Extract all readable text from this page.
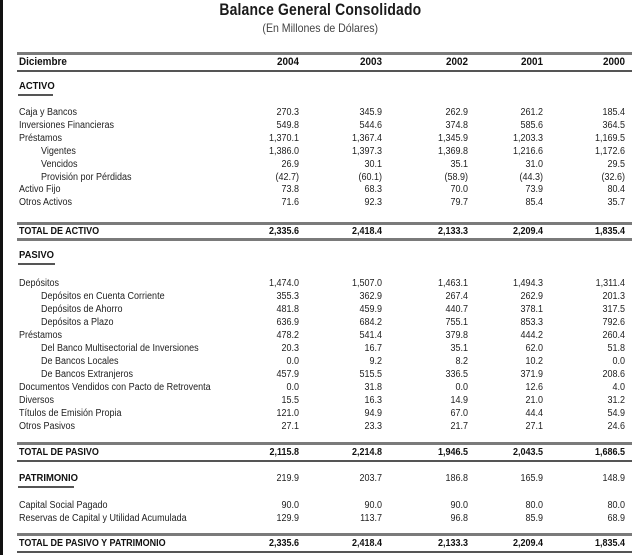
Balance General Consolidado
(En Millones de Dólares)
Diciembre	2004	2003	2002	2001	2000
ACTIVO
Caja y Bancos	270.3	345.9	262.9	261.2	185.4
Inversiones Financieras	549.8	544.6	374.8	585.6	364.5
Préstamos	1,370.1	1,367.4	1,345.9	1,203.3	1,169.5
Vigentes	1,386.0	1,397.3	1,369.8	1,216.6	1,172.6
Vencidos	26.9	30.1	35.1	31.0	29.5
Provisión por Pérdidas	(42.7)	(60.1)	(58.9)	(44.3)	(32.6)
Activo Fijo	73.8	68.3	70.0	73.9	80.4
Otros Activos	71.6	92.3	79.7	85.4	35.7
TOTAL DE ACTIVO	2,335.6	2,418.4	2,133.3	2,209.4	1,835.4
PASIVO
Depósitos	1,474.0	1,507.0	1,463.1	1,494.3	1,311.4
Depósitos en Cuenta Corriente	355.3	362.9	267.4	262.9	201.3
Depósitos de Ahorro	481.8	459.9	440.7	378.1	317.5
Depósitos a Plazo	636.9	684.2	755.1	853.3	792.6
Préstamos	478.2	541.4	379.8	444.2	260.4
Del Banco Multisectorial de Inversiones	20.3	16.7	35.1	62.0	51.8
De Bancos Locales	0.0	9.2	8.2	10.2	0.0
De Bancos Extranjeros	457.9	515.5	336.5	371.9	208.6
Documentos Vendidos con Pacto de Retroventa	0.0	31.8	0.0	12.6	4.0
Diversos	15.5	16.3	14.9	21.0	31.2
Títulos de Emisión Propia	121.0	94.9	67.0	44.4	54.9
Otros Pasivos	27.1	23.3	21.7	27.1	24.6
TOTAL DE PASIVO	2,115.8	2,214.8	1,946.5	2,043.5	1,686.5
PATRIMONIO	219.9	203.7	186.8	165.9	148.9
Capital Social Pagado	90.0	90.0	90.0	80.0	80.0
Reservas de Capital y Utilidad Acumulada	129.9	113.7	96.8	85.9	68.9
TOTAL DE PASIVO Y PATRIMONIO	2,335.6	2,418.4	2,133.3	2,209.4	1,835.4
